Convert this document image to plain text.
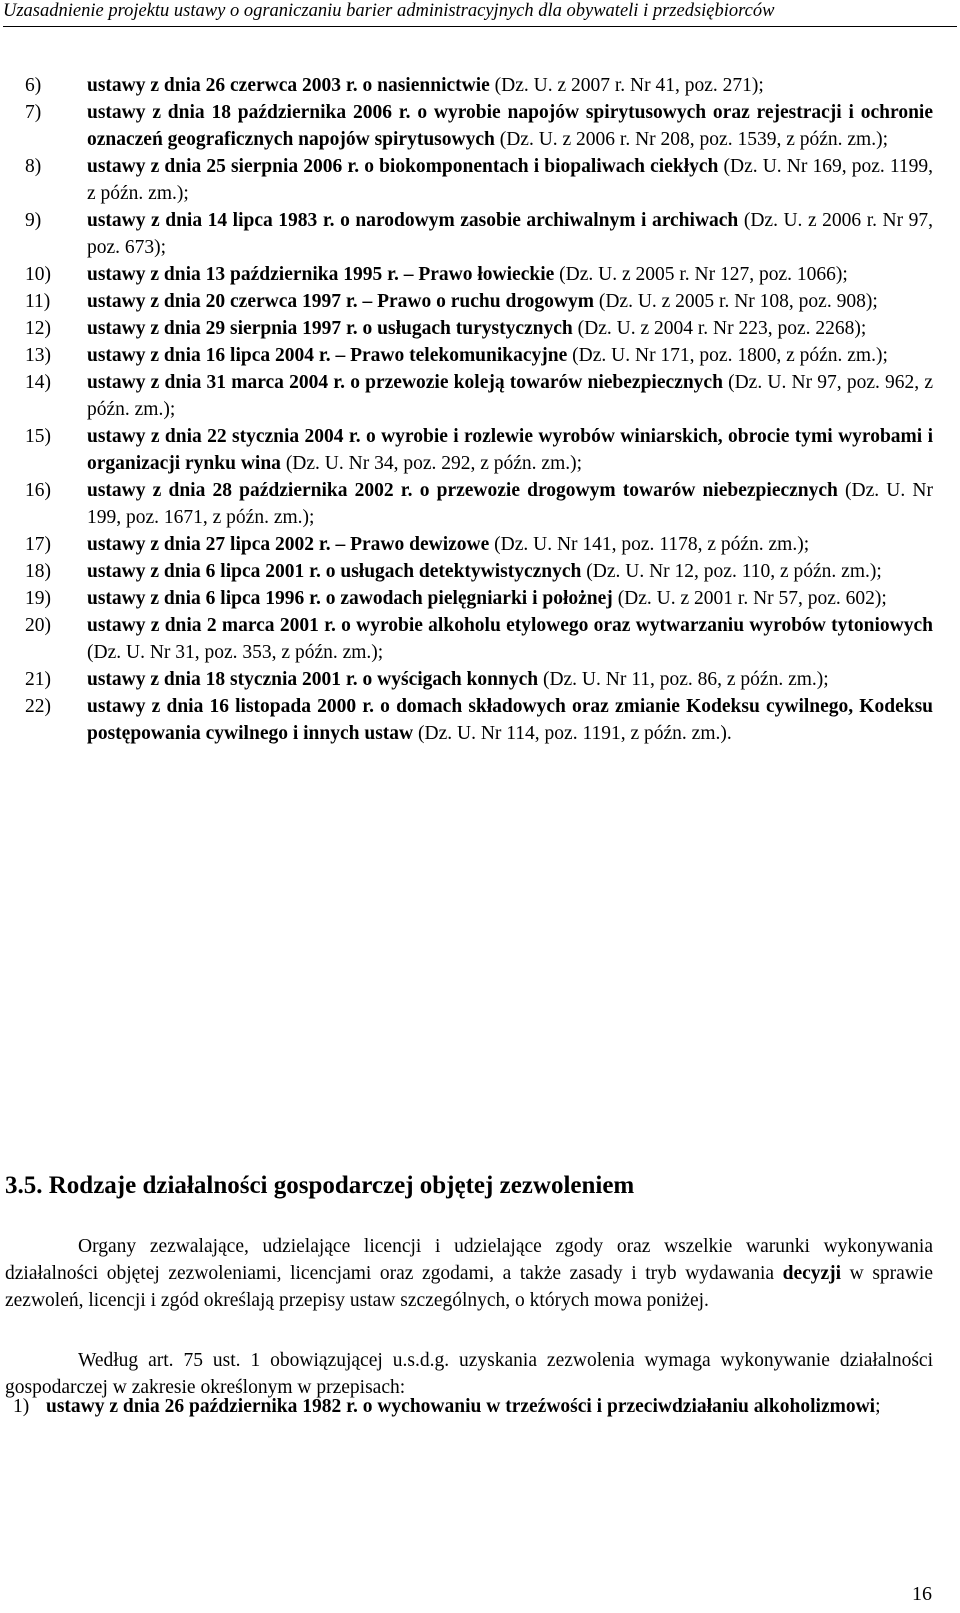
Uzasadnienie projektu ustawy o ograniczaniu barier administracyjnych dla obywateli i przedsiębiorców
6) ustawy z dnia 26 czerwca 2003 r. o nasiennictwie (Dz. U. z 2007 r. Nr 41, poz. 271);
7) ustawy z dnia 18 października 2006 r. o wyrobie napojów spirytusowych oraz rejestracji i ochronie oznaczeń geograficznych napojów spirytusowych (Dz. U. z 2006 r. Nr 208, poz. 1539, z późn. zm.);
8) ustawy z dnia 25 sierpnia 2006 r. o biokomponentach i biopaliwach ciekłych (Dz. U. Nr 169, poz. 1199, z późn. zm.);
9) ustawy z dnia 14 lipca 1983 r. o narodowym zasobie archiwalnym i archiwach (Dz. U. z 2006 r. Nr 97, poz. 673);
10) ustawy z dnia 13 października 1995 r. – Prawo łowieckie (Dz. U. z 2005 r. Nr 127, poz. 1066);
11) ustawy z dnia 20 czerwca 1997 r. – Prawo o ruchu drogowym (Dz. U. z 2005 r. Nr 108, poz. 908);
12) ustawy z dnia 29 sierpnia 1997 r. o usługach turystycznych (Dz. U. z 2004 r. Nr 223, poz. 2268);
13) ustawy z dnia 16 lipca 2004 r. – Prawo telekomunikacyjne (Dz. U. Nr 171, poz. 1800, z późn. zm.);
14) ustawy z dnia 31 marca 2004 r. o przewozie koleją towarów niebezpiecznych (Dz. U. Nr 97, poz. 962, z późn. zm.);
15) ustawy z dnia 22 stycznia 2004 r. o wyrobie i rozlewie wyrobów winiarskich, obrocie tymi wyrobami i organizacji rynku wina (Dz. U. Nr 34, poz. 292, z późn. zm.);
16) ustawy z dnia 28 października 2002 r. o przewozie drogowym towarów niebezpiecznych (Dz. U. Nr 199, poz. 1671, z późn. zm.);
17) ustawy z dnia 27 lipca 2002 r. – Prawo dewizowe (Dz. U. Nr 141, poz. 1178, z późn. zm.);
18) ustawy z dnia 6 lipca 2001 r. o usługach detektywistycznych (Dz. U. Nr 12, poz. 110, z późn. zm.);
19) ustawy z dnia 6 lipca 1996 r. o zawodach pielęgniarki i położnej (Dz. U. z 2001 r. Nr 57, poz. 602);
20) ustawy z dnia 2 marca 2001 r. o wyrobie alkoholu etylowego oraz wytwarzaniu wyrobów tytoniowych (Dz. U. Nr 31, poz. 353, z późn. zm.);
21) ustawy z dnia 18 stycznia 2001 r. o wyścigach konnych (Dz. U. Nr 11, poz. 86, z późn. zm.);
22) ustawy z dnia 16 listopada 2000 r. o domach składowych oraz zmianie Kodeksu cywilnego, Kodeksu postępowania cywilnego i innych ustaw (Dz. U. Nr 114, poz. 1191, z późn. zm.).
3.5. Rodzaje działalności gospodarczej objętej zezwoleniem

Organy zezwalające, udzielające licencji i udzielające zgody oraz wszelkie warunki wykonywania działalności objętej zezwoleniami, licencjami oraz zgodami, a także zasady i tryb wydawania decyzji w sprawie zezwoleń, licencji i zgód określają przepisy ustaw szczególnych, o których mowa poniżej.

Według art. 75 ust. 1 obowiązującej u.s.d.g. uzyskania zezwolenia wymaga wykonywanie działalności gospodarczej w zakresie określonym w przepisach:

1) ustawy z dnia 26 października 1982 r. o wychowaniu w trzeźwości i przeciwdziałaniu alkoholizmowi;
16
